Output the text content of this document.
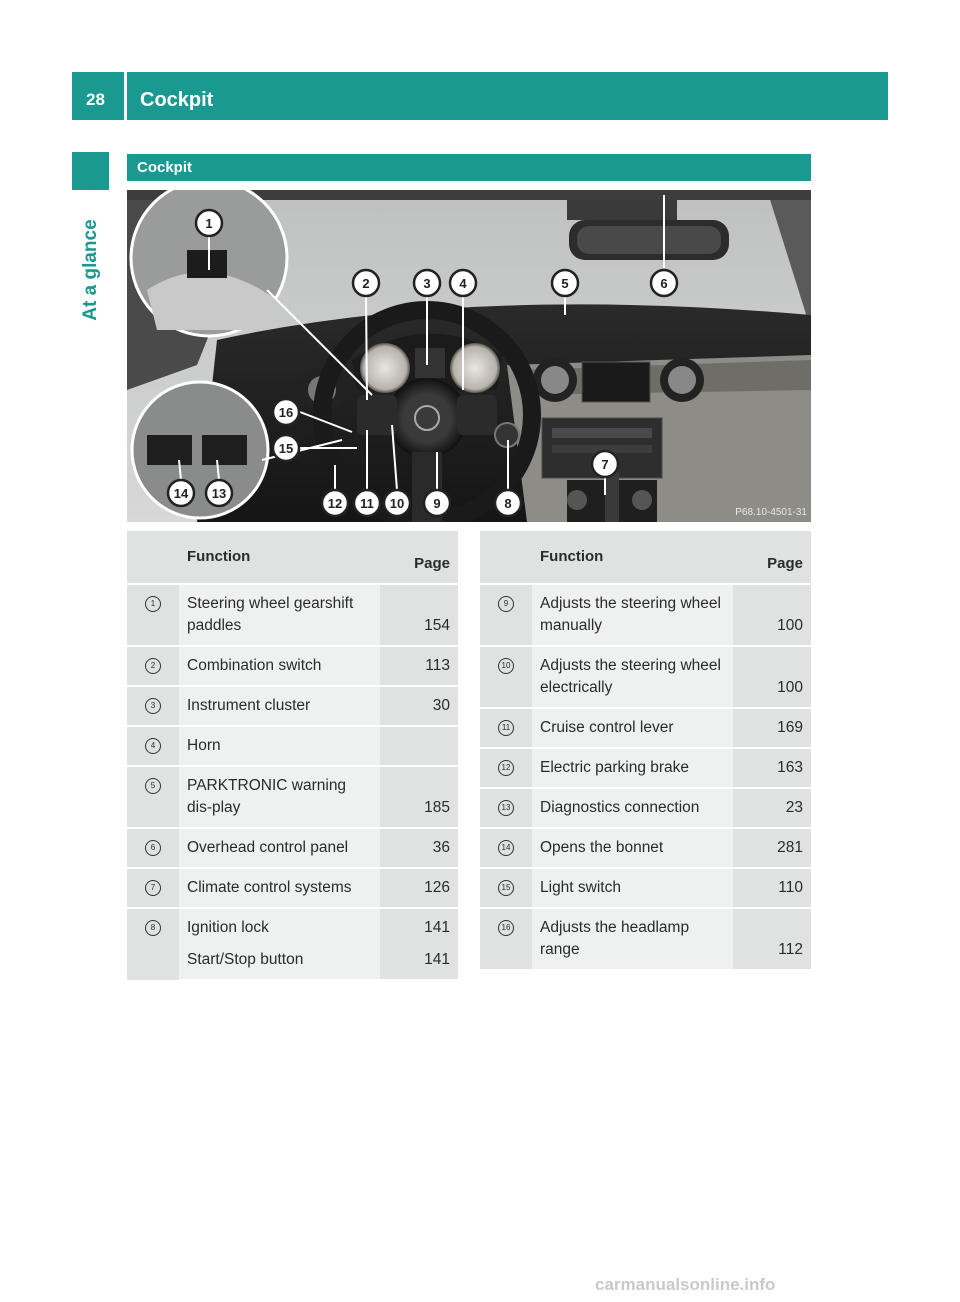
28 Cockpit
At a glance
Cockpit
1
2	3 4	5	6
7
8
9
10
11
12
13
14
15
16
P68.10-4501-31
	Function	Page
1	Steering wheel gearshift paddles	154
2	Combination switch	113
3	Instrument cluster	30
4	Horn	
5	PARKTRONIC warning dis-play	185
6	Overhead control panel	36
7	Climate control systems	126
8	Ignition lock	141
	Start/Stop button	141
	Function	Page
9	Adjusts the steering wheel manually	100
10	Adjusts the steering wheel electrically	100
11	Cruise control lever	169
12	Electric parking brake	163
13	Diagnostics connection	23
14	Opens the bonnet	281
15	Light switch	110
16	Adjusts the headlamp range	112
carmanualsonline.info
